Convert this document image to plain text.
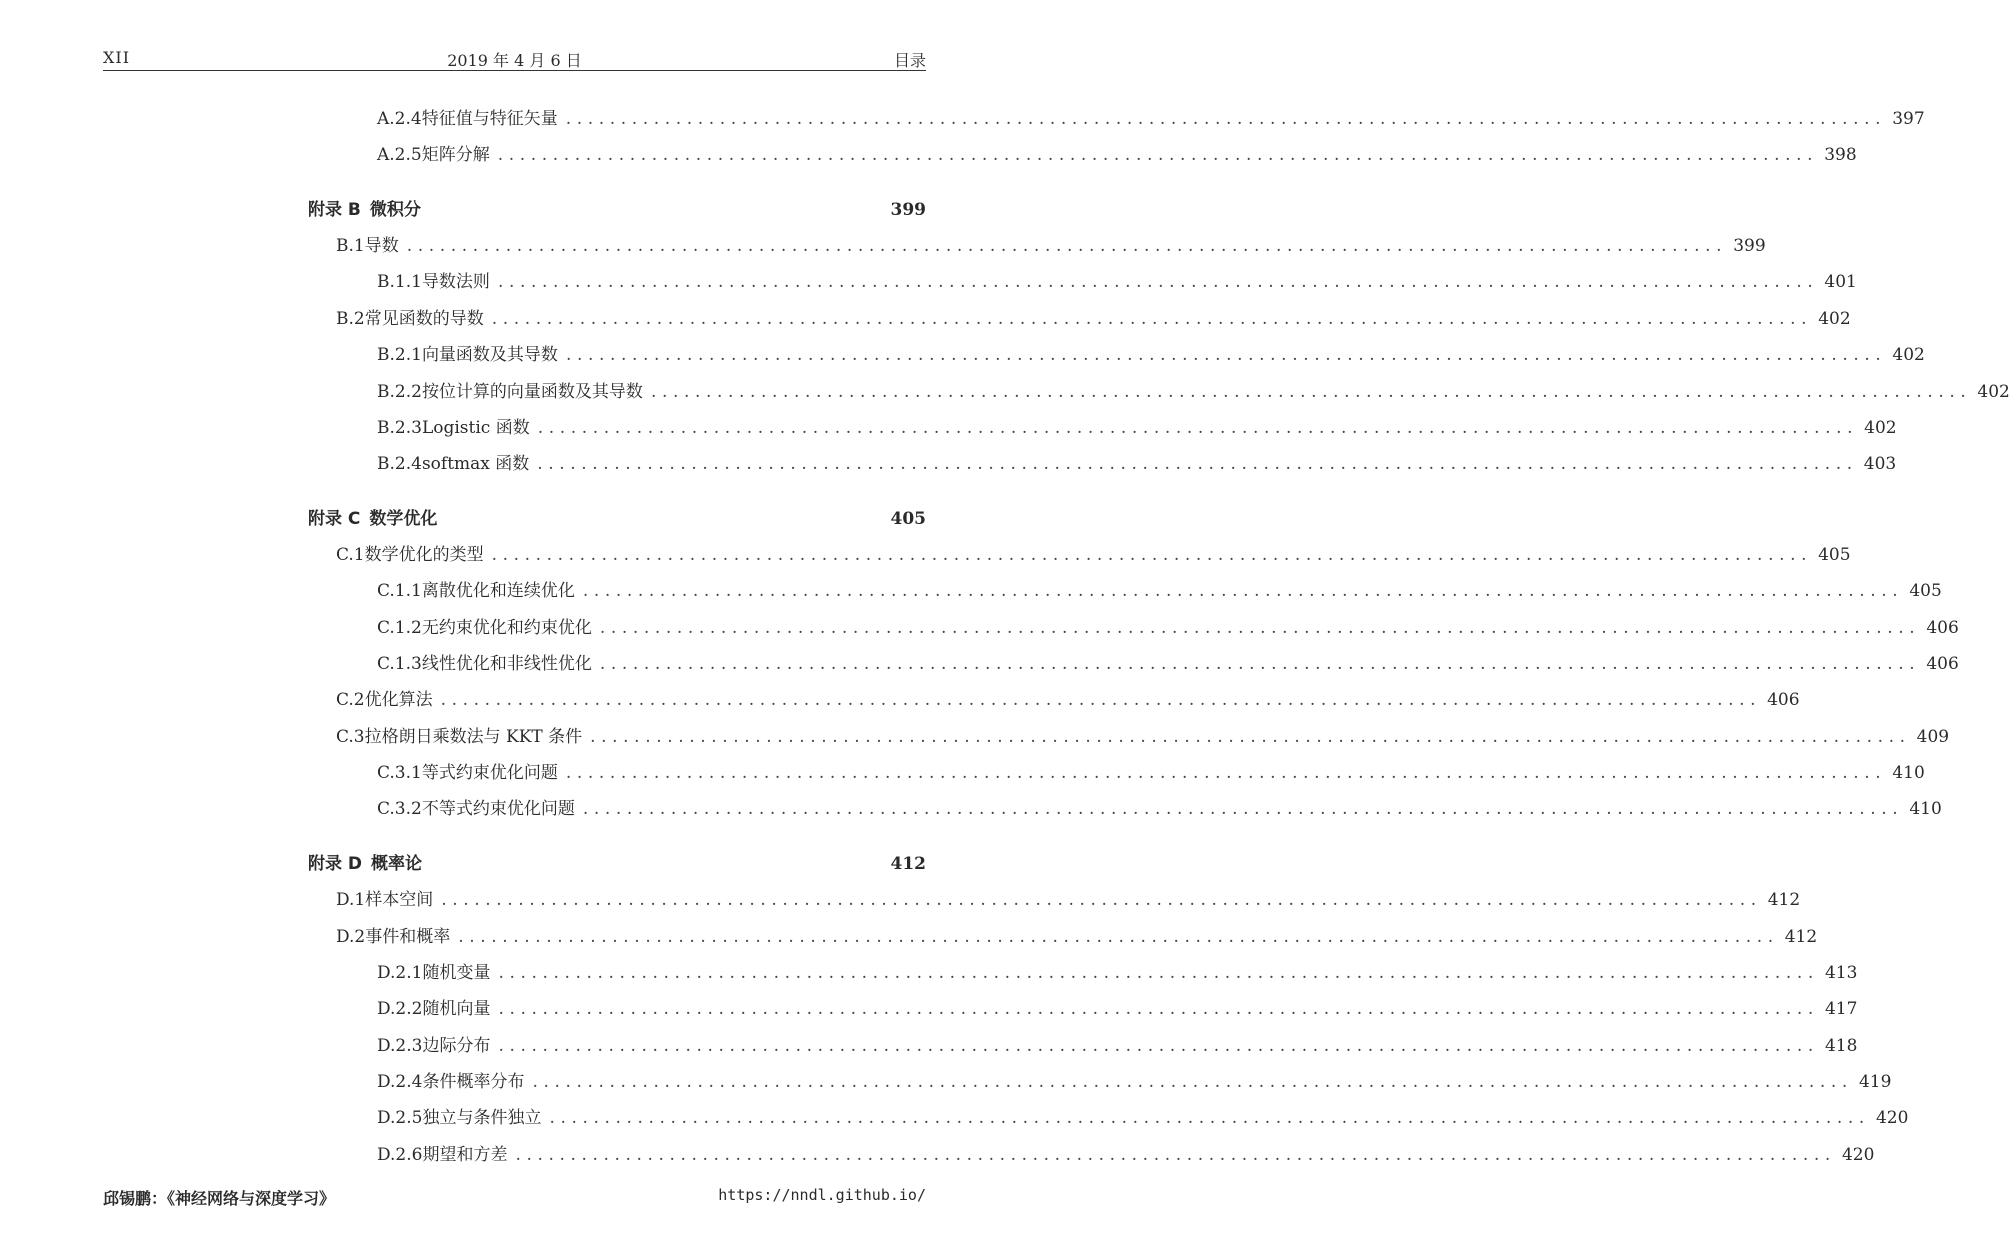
XII	2019 年 4 月 6 日	目录
A.2.4 特征值与特征矢量 ........................................................................................................................ 397
A.2.5 矩阵分解 ........................................................................................................................ 398
附录 B 微积分	399
B.1 导数 ........................................................................................................................ 399
B.1.1 导数法则 ........................................................................................................................ 401
B.2 常见函数的导数 ........................................................................................................................ 402
B.2.1 向量函数及其导数 ........................................................................................................................ 402
B.2.2 按位计算的向量函数及其导数 ........................................................................................................................ 402
B.2.3 Logistic 函数 ........................................................................................................................ 402
B.2.4 softmax 函数 ........................................................................................................................ 403
附录 C 数学优化	405
C.1 数学优化的类型 ........................................................................................................................ 405
C.1.1 离散优化和连续优化 ........................................................................................................................ 405
C.1.2 无约束优化和约束优化 ........................................................................................................................ 406
C.1.3 线性优化和非线性优化 ........................................................................................................................ 406
C.2 优化算法 ........................................................................................................................ 406
C.3 拉格朗日乘数法与 KKT 条件 ........................................................................................................................ 409
C.3.1 等式约束优化问题 ........................................................................................................................ 410
C.3.2 不等式约束优化问题 ........................................................................................................................ 410
附录 D 概率论	412
D.1 样本空间 ........................................................................................................................ 412
D.2 事件和概率 ........................................................................................................................ 412
D.2.1 随机变量 ........................................................................................................................ 413
D.2.2 随机向量 ........................................................................................................................ 417
D.2.3 边际分布 ........................................................................................................................ 418
D.2.4 条件概率分布 ........................................................................................................................ 419
D.2.5 独立与条件独立 ........................................................................................................................ 420
D.2.6 期望和方差 ........................................................................................................................ 420
邱锡鹏：《神经网络与深度学习》	https://nndl.github.io/
